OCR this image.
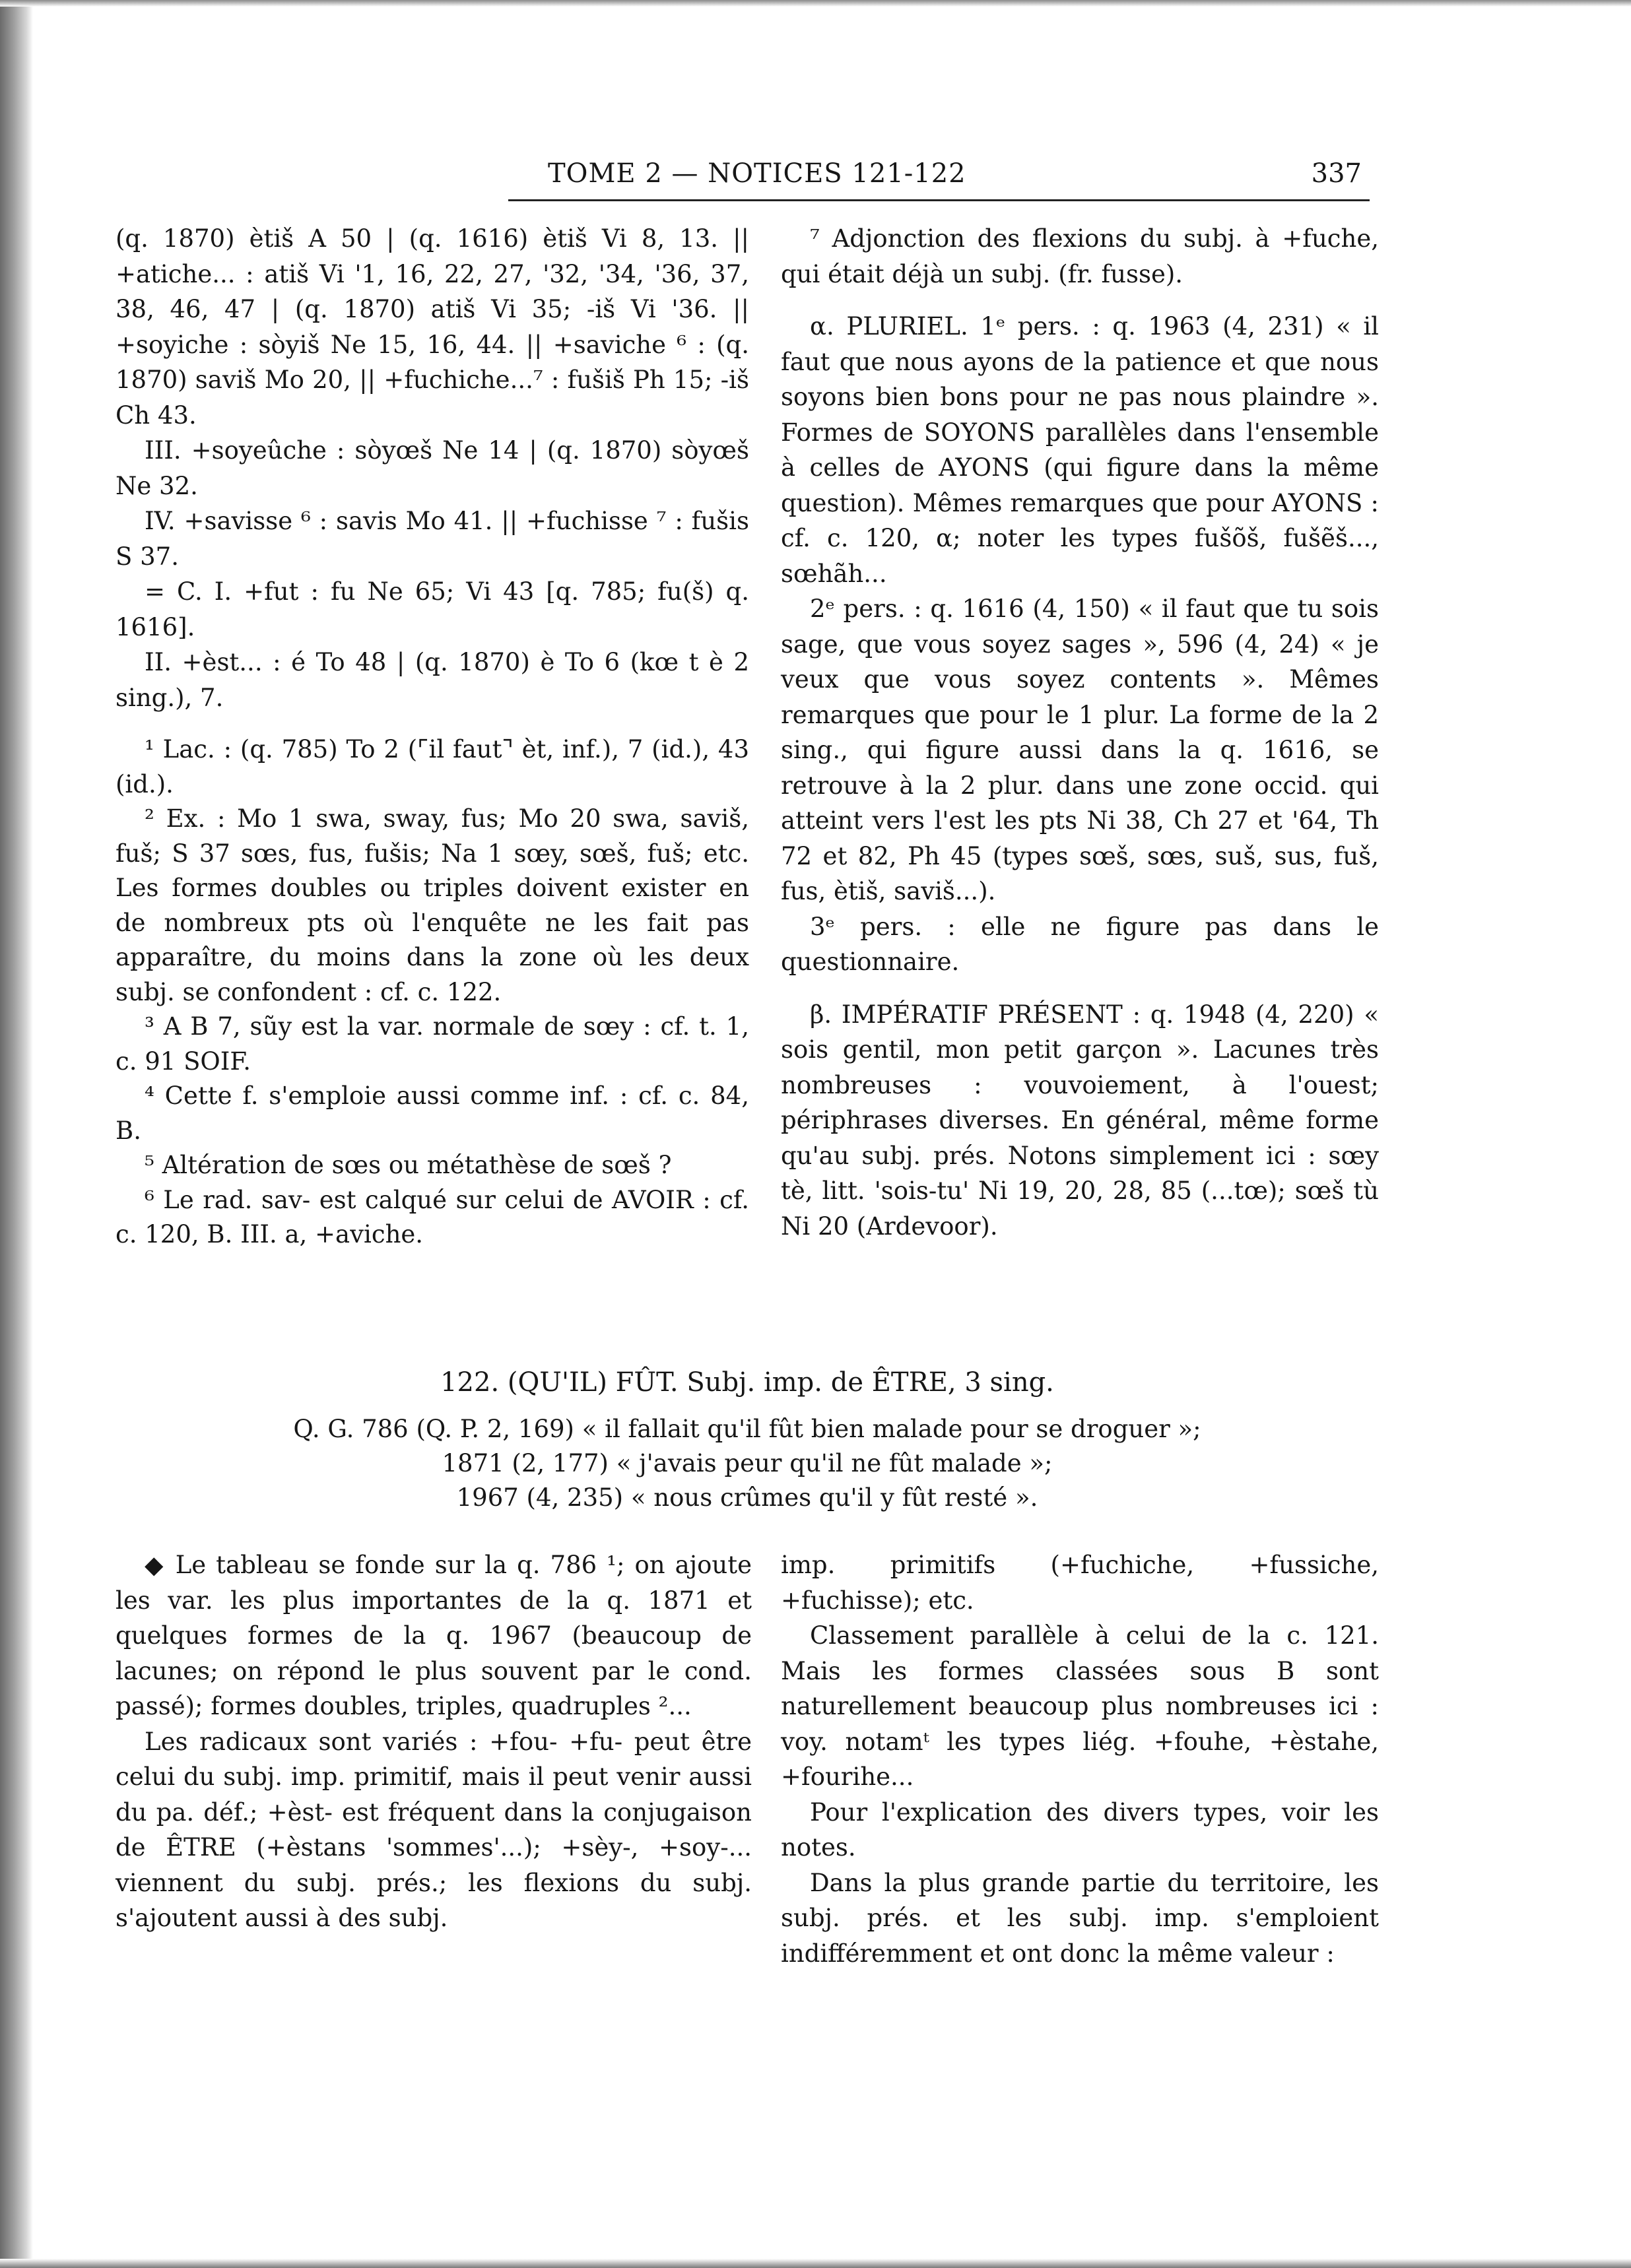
TOME 2 — NOTICES 121-122	337

(q. 1870) ètiš A 50 | (q. 1616) ètiš Vi 8, 13. || +atiche... : atiš Vi '1, 16, 22, 27, '32, '34, '36, 37, 38, 46, 47 | (q. 1870) atiš Vi 35; -iš Vi '36. || +soyiche : sòyiš Ne 15, 16, 44. || +saviche ⁶ : (q. 1870) saviš Mo 20, || +fuchiche...⁷ : fušiš Ph 15; -iš Ch 43.

III. +soyeûche : sòyœš Ne 14 | (q. 1870) sòyœš Ne 32.

IV. +savisse ⁶ : savis Mo 41. || +fuchisse ⁷ : fušis S 37.

= C. I. +fut : fu Ne 65; Vi 43 [q. 785; fu(š) q. 1616].

II. +èst... : é To 48 | (q. 1870) è To 6 (kœ t è 2 sing.), 7.

¹ Lac. : (q. 785) To 2 (⌜il faut⌝ èt, inf.), 7 (id.), 43 (id.).

² Ex. : Mo 1 swa, sway, fus; Mo 20 swa, saviš, fuš; S 37 sœs, fus, fušis; Na 1 sœy, sœš, fuš; etc. Les formes doubles ou triples doivent exister en de nombreux pts où l'enquête ne les fait pas apparaître, du moins dans la zone où les deux subj. se confondent : cf. c. 122.

³ A B 7, sũy est la var. normale de sœy : cf. t. 1, c. 91 SOIF.

⁴ Cette f. s'emploie aussi comme inf. : cf. c. 84, B.

⁵ Altération de sœs ou métathèse de sœš ?

⁶ Le rad. sav- est calqué sur celui de AVOIR : cf. c. 120, B. III. a, +aviche.

⁷ Adjonction des flexions du subj. à +fuche, qui était déjà un subj. (fr. fusse).

α. PLURIEL. 1ᵉ pers. : q. 1963 (4, 231) « il faut que nous ayons de la patience et que nous soyons bien bons pour ne pas nous plaindre ». Formes de SOYONS parallèles dans l'ensemble à celles de AYONS (qui figure dans la même question). Mêmes remarques que pour AYONS : cf. c. 120, α; noter les types fušõš, fušẽš..., sœhãh...

2ᵉ pers. : q. 1616 (4, 150) « il faut que tu sois sage, que vous soyez sages », 596 (4, 24) « je veux que vous soyez contents ». Mêmes remarques que pour le 1 plur. La forme de la 2 sing., qui figure aussi dans la q. 1616, se retrouve à la 2 plur. dans une zone occid. qui atteint vers l'est les pts Ni 38, Ch 27 et '64, Th 72 et 82, Ph 45 (types sœš, sœs, suš, sus, fuš, fus, ètiš, saviš...).

3ᵉ pers. : elle ne figure pas dans le questionnaire.

β. IMPÉRATIF PRÉSENT : q. 1948 (4, 220) « sois gentil, mon petit garçon ». Lacunes très nombreuses : vouvoiement, à l'ouest; périphrases diverses. En général, même forme qu'au subj. prés. Notons simplement ici : sœy tè, litt. 'sois-tu' Ni 19, 20, 28, 85 (...tœ); sœš tù Ni 20 (Ardevoor).

122. (QU'IL) FÛT. Subj. imp. de ÊTRE, 3 sing.

Q. G. 786 (Q. P. 2, 169) « il fallait qu'il fût bien malade pour se droguer »;

1871 (2, 177) « j'avais peur qu'il ne fût malade »;

1967 (4, 235) « nous crûmes qu'il y fût resté ».

◆ Le tableau se fonde sur la q. 786 ¹; on ajoute les var. les plus importantes de la q. 1871 et quelques formes de la q. 1967 (beaucoup de lacunes; on répond le plus souvent par le cond. passé); formes doubles, triples, quadruples ²...

Les radicaux sont variés : +fou- +fu- peut être celui du subj. imp. primitif, mais il peut venir aussi du pa. déf.; +èst- est fréquent dans la conjugaison de ÊTRE (+èstans 'sommes'...); +sèy-, +soy-... viennent du subj. prés.; les flexions du subj. s'ajoutent aussi à des subj.

imp. primitifs (+fuchiche, +fussiche, +fuchisse); etc.

Classement parallèle à celui de la c. 121. Mais les formes classées sous B sont naturellement beaucoup plus nombreuses ici : voy. notamᵗ les types liég. +fouhe, +èstahe, +fourihe...

Pour l'explication des divers types, voir les notes.

Dans la plus grande partie du territoire, les subj. prés. et les subj. imp. s'emploient indifféremment et ont donc la même valeur :
